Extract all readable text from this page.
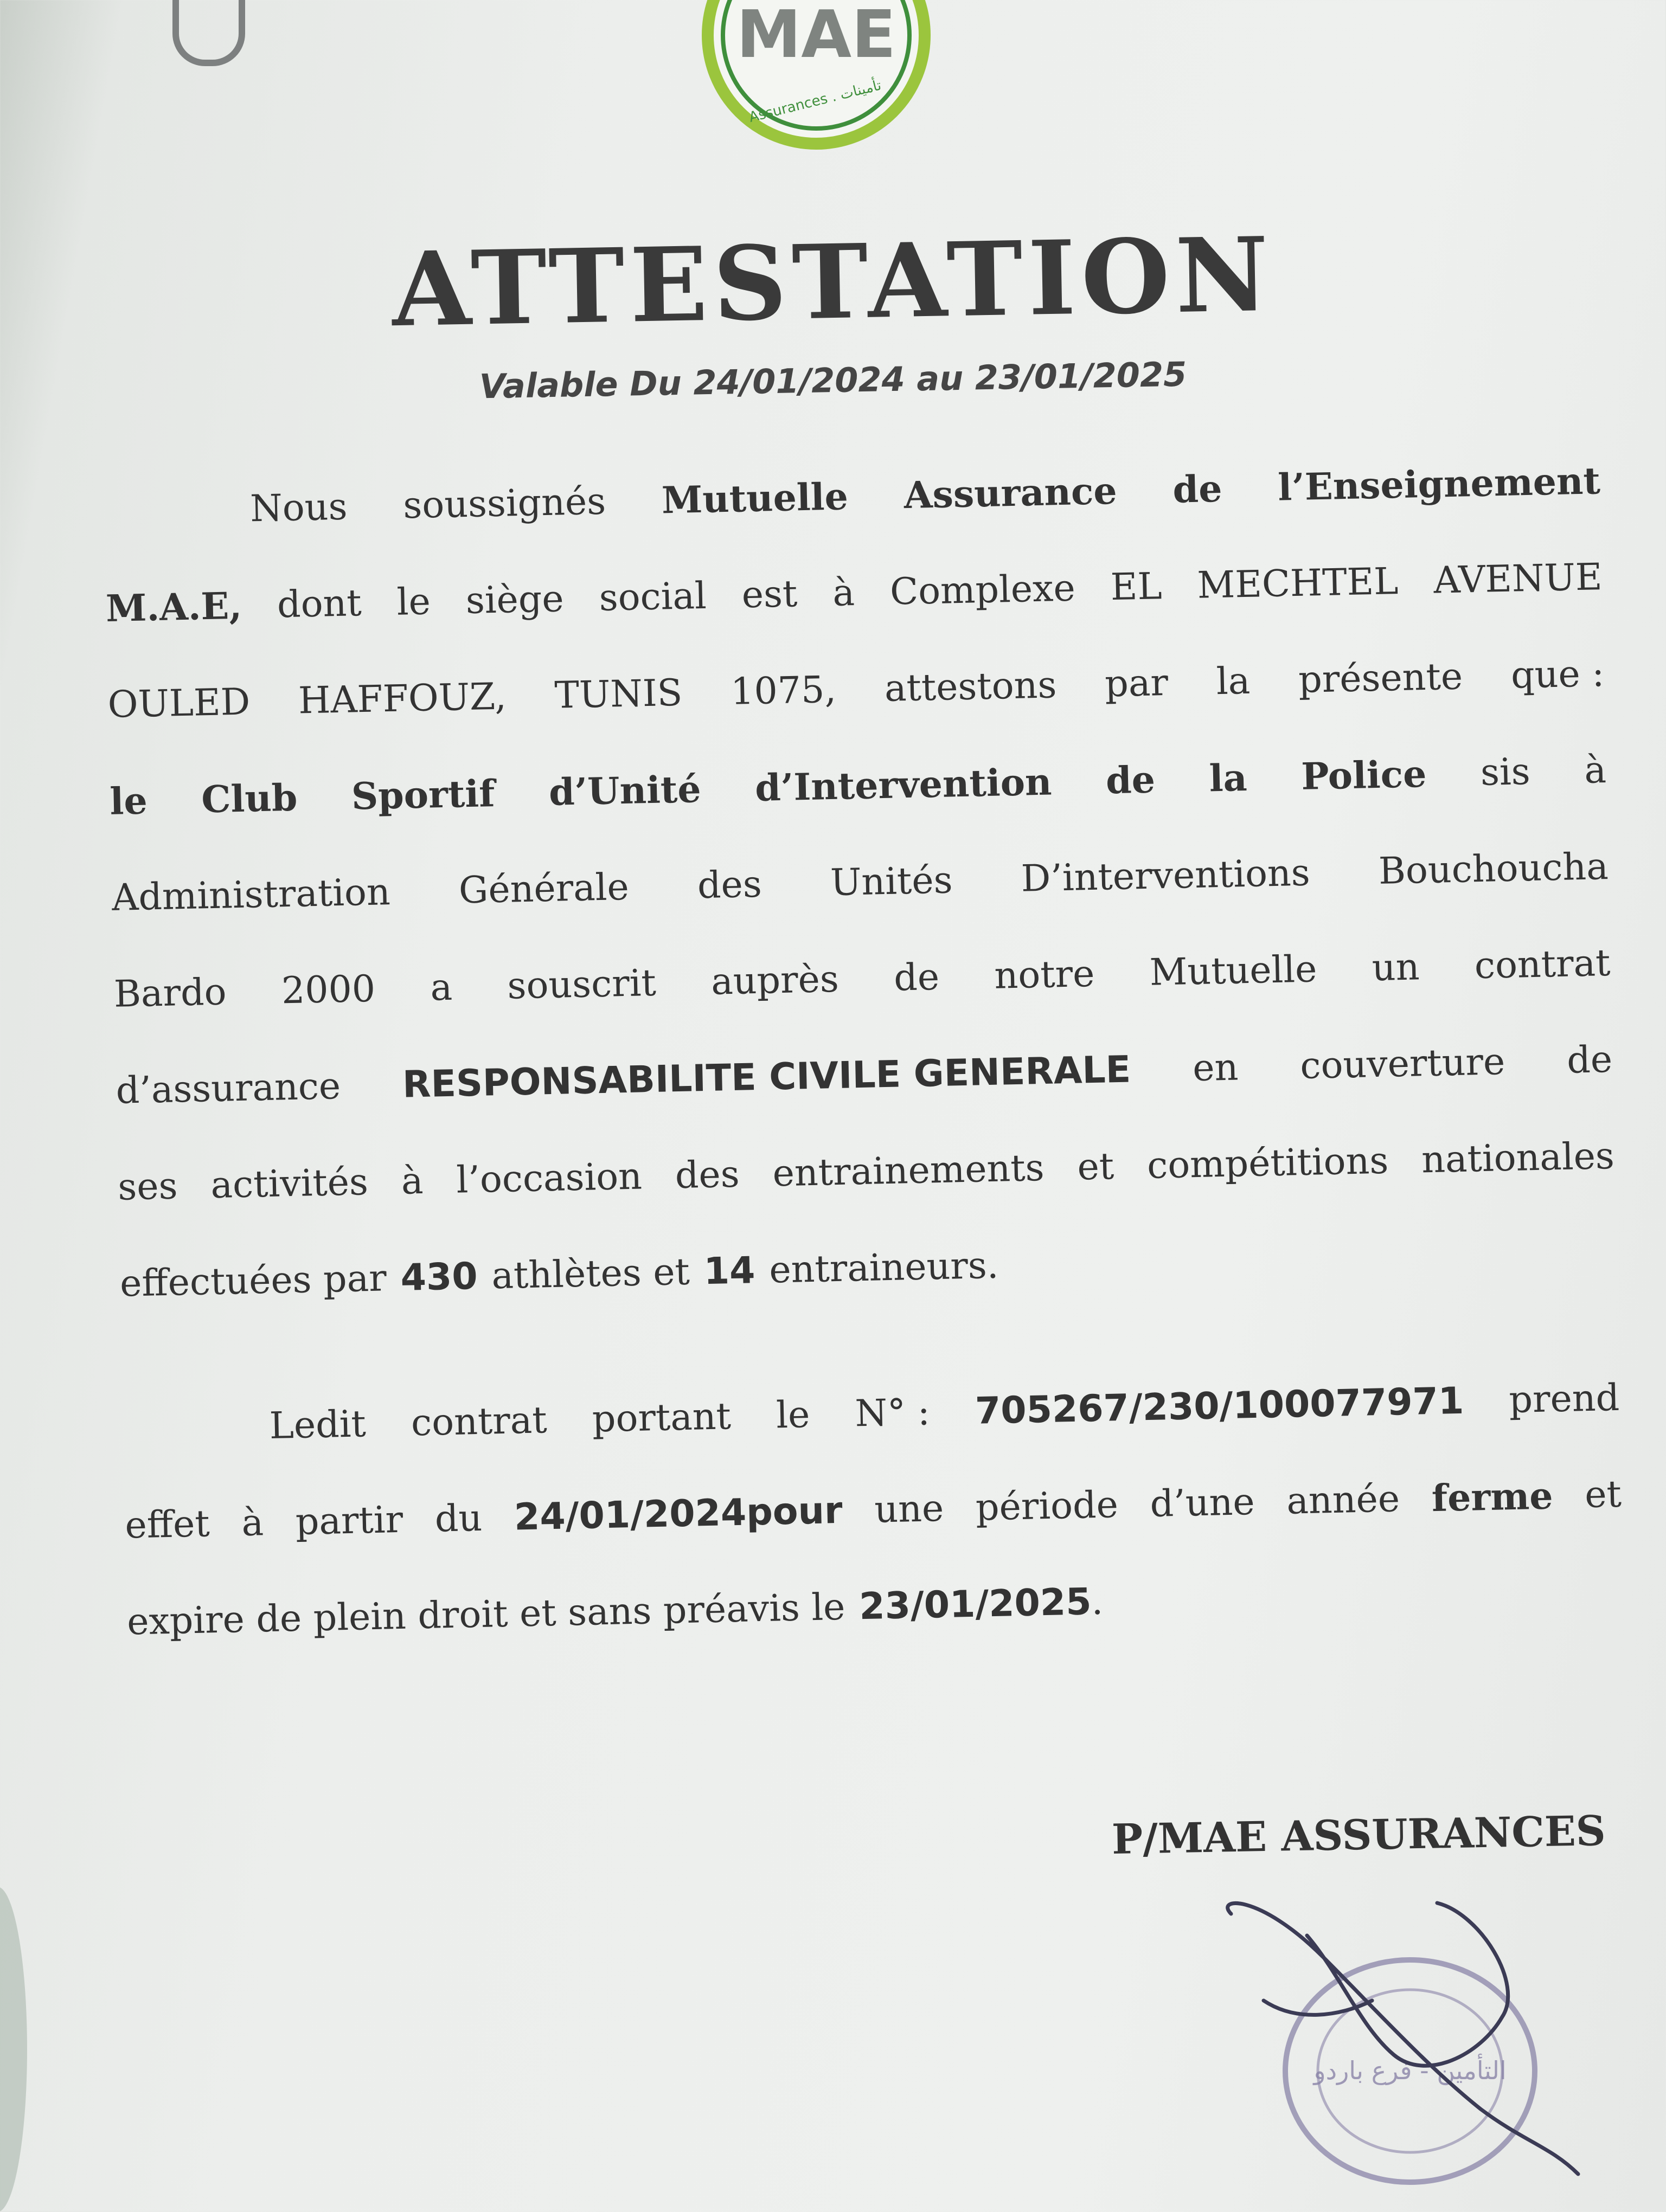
MAE
Assurances . تأمينات
ATTESTATION
Valable Du 24/01/2024 au 23/01/2025
Nous soussignés Mutuelle Assurance de l’Enseignement
M.A.E, dont le siège social est à Complexe EL MECHTEL AVENUE
OULED HAFFOUZ, TUNIS 1075, attestons par la présente que :
le Club Sportif d’Unité d’Intervention de la Police sis à
Administration Générale des Unités D’interventions Bouchoucha
Bardo 2000 a souscrit auprès de notre Mutuelle un contrat
d’assurance RESPONSABILITE CIVILE GENERALE en couverture de
ses activités à l’occasion des entrainements et compétitions nationales
effectuées par 430 athlètes et 14 entraineurs.
Ledit contrat portant le N° : 705267/230/100077971 prend
effet à partir du 24/01/2024pour une période d’une année ferme et
expire de plein droit et sans préavis le 23/01/2025
.
P/MAE ASSURANCES
التأمين - فرع باردو
